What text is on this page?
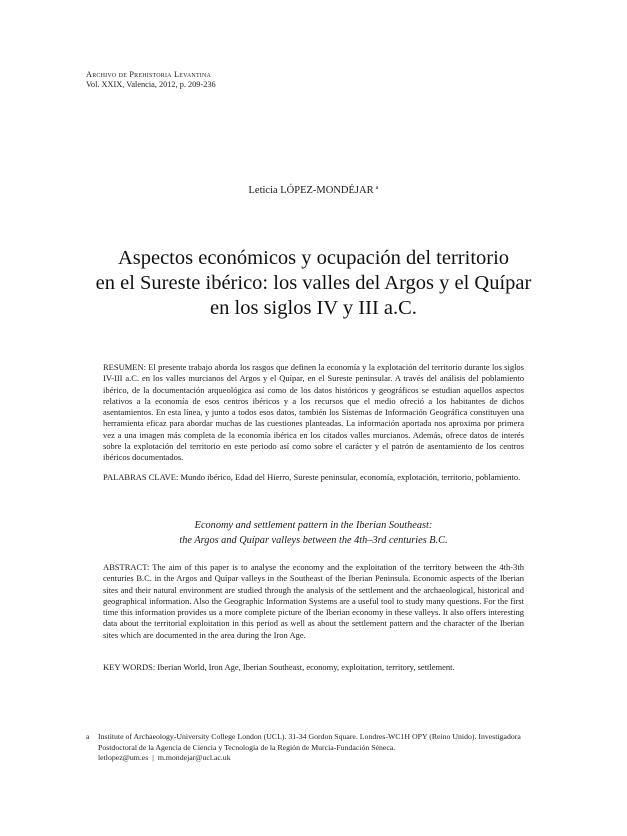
Archivo de Prehistoria Levantina
Vol. XXIX, Valencia, 2012, p. 209-236
Leticia LÓPEZ-MONDÉJAR $^a$
Aspectos económicos y ocupación del territorio
en el Sureste ibérico: los valles del Argos y el Quípar
en los siglos IV y III a.C.
RESUMEN: El presente trabajo aborda los rasgos que definen la economía y la explotación del territorio durante los siglos IV-III a.C. en los valles murcianos del Argos y el Quípar, en el Sureste peninsular. A través del análisis del poblamiento ibérico, de la documentación arqueológica así como de los datos históricos y geográficos se estudian aquellos aspectos relativos a la economía de esos centros ibéricos y a los recursos que el medio ofreció a los habitantes de dichos asentamientos. En esta línea, y junto a todos esos datos, también los Sistemas de Información Geográfica constituyen una herramienta eficaz para abordar muchas de las cuestiones planteadas. La información aportada nos aproxima por primera vez a una imagen más completa de la economía ibérica en los citados valles murcianos. Además, ofrece datos de interés sobre la explotación del territorio en este periodo así como sobre el carácter y el patrón de asentamiento de los centros ibéricos documentados.
PALABRAS CLAVE: Mundo ibérico, Edad del Hierro, Sureste peninsular, economía, explotación, territorio, poblamiento.
Economy and settlement pattern in the Iberian Southeast:
the Argos and Quípar valleys between the 4th–3rd centuries B.C.
ABSTRACT: The aim of this paper is to analyse the economy and the exploitation of the territory between the 4th-3th centuries B.C. in the Argos and Quípar valleys in the Southeast of the Iberian Peninsula. Economic aspects of the Iberian sites and their natural environment are studied through the analysis of the settlement and the archaeological, historical and geographical information. Also the Geographic Information Systems are a useful tool to study many questions. For the first time this information provides us a more complete picture of the Iberian economy in these valleys. It also offers interesting data about the territorial exploitation in this period as well as about the settlement pattern and the character of the Iberian sites which are documented in the area during the Iron Age.
KEY WORDS: Iberian World, Iron Age, Iberian Southeast, economy, exploitation, territory, settlement.
a Institute of Archaeology-University College London (UCL). 31-34 Gordon Square. Londres-WC1H OPY (Reino Unido). Investigadora Postdoctoral de la Agencia de Ciencia y Tecnología de la Región de Murcia-Fundación Séneca.
letlopez@um.es | m.mondejar@ucl.ac.uk
